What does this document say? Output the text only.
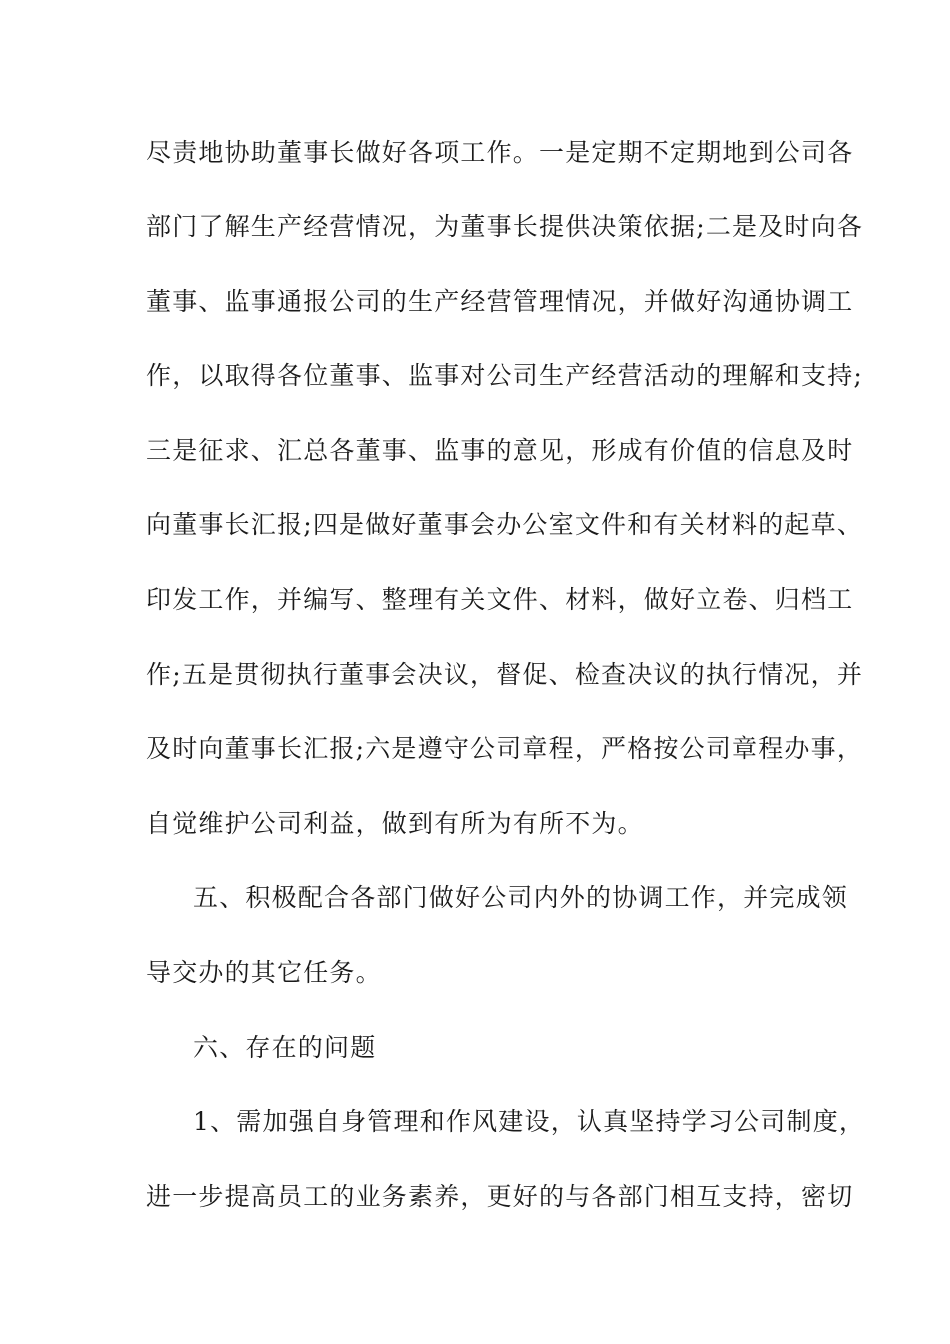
尽责地协助董事长做好各项工作。一是定期不定期地到公司各
部门了解生产经营情况，为董事长提供决策依据;二是及时向各
董事、监事通报公司的生产经营管理情况，并做好沟通协调工
作，以取得各位董事、监事对公司生产经营活动的理解和支持;
三是征求、汇总各董事、监事的意见，形成有价值的信息及时
向董事长汇报;四是做好董事会办公室文件和有关材料的起草、
印发工作，并编写、整理有关文件、材料，做好立卷、归档工
作;五是贯彻执行董事会决议，督促、检查决议的执行情况，并
及时向董事长汇报;六是遵守公司章程，严格按公司章程办事，
自觉维护公司利益，做到有所为有所不为。
五、积极配合各部门做好公司内外的协调工作，并完成领
导交办的其它任务。
六、存在的问题
1、需加强自身管理和作风建设，认真坚持学习公司制度，
进一步提高员工的业务素养，更好的与各部门相互支持，密切
